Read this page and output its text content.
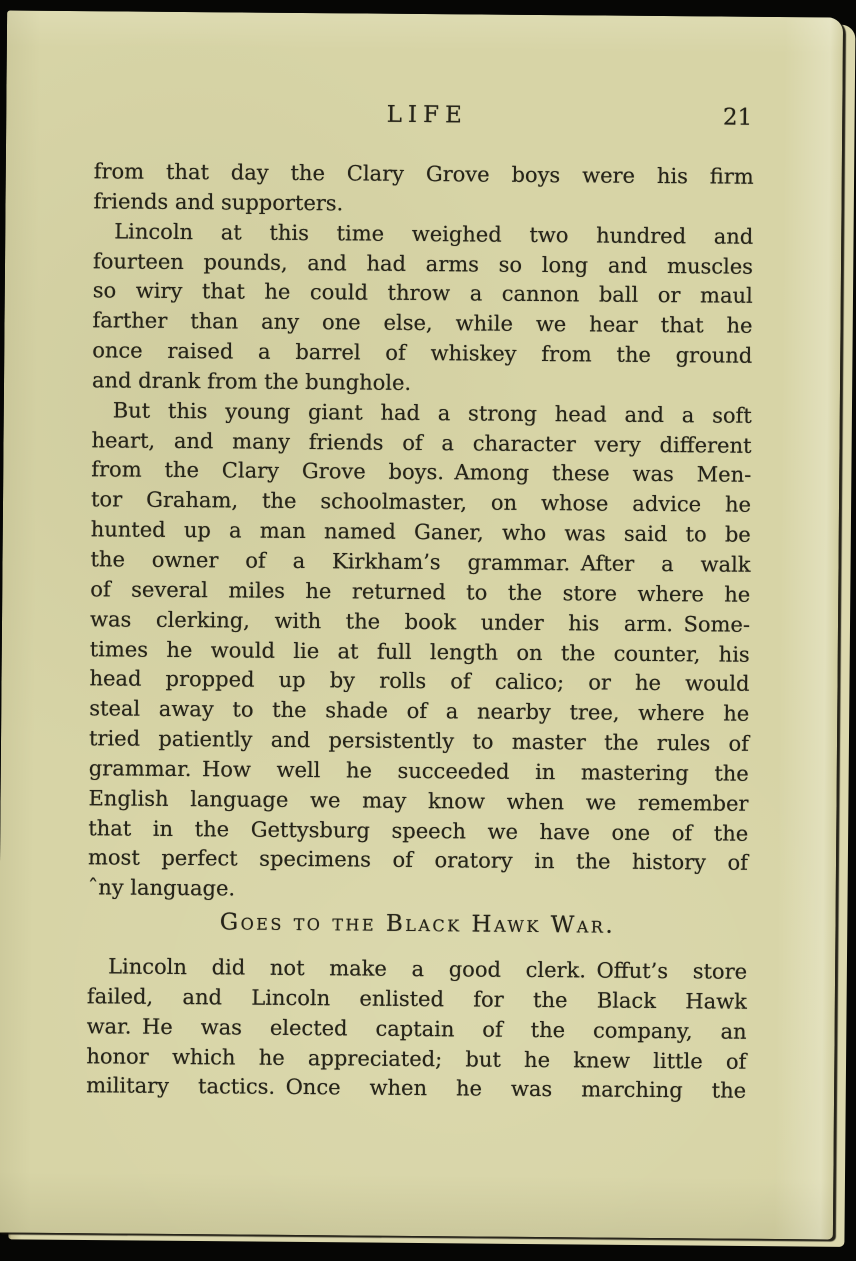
LIFE	21
from that day the Clary Grove boys were his firm
friends and supporters.
Lincoln at this time weighed two hundred and
fourteen pounds, and had arms so long and muscles
so wiry that he could throw a cannon ball or maul
farther than any one else, while we hear that he
once raised a barrel of whiskey from the ground
and drank from the bunghole.
But this young giant had a strong head and a soft
heart, and many friends of a character very different
from the Clary Grove boys. Among these was Men-
tor Graham, the schoolmaster, on whose advice he
hunted up a man named Ganer, who was said to be
the owner of a Kirkham’s grammar. After a walk
of several miles he returned to the store where he
was clerking, with the book under his arm. Some-
times he would lie at full length on the counter, his
head propped up by rolls of calico; or he would
steal away to the shade of a nearby tree, where he
tried patiently and persistently to master the rules of
grammar. How well he succeeded in mastering the
English language we may know when we remember
that in the Gettysburg speech we have one of the
most perfect specimens of oratory in the history of
ˆny language.
Goes to the Black Hawk War.
Lincoln did not make a good clerk. Offut’s store
failed, and Lincoln enlisted for the Black Hawk
war. He was elected captain of the company, an
honor which he appreciated; but he knew little of
military tactics. Once when he was marching the
